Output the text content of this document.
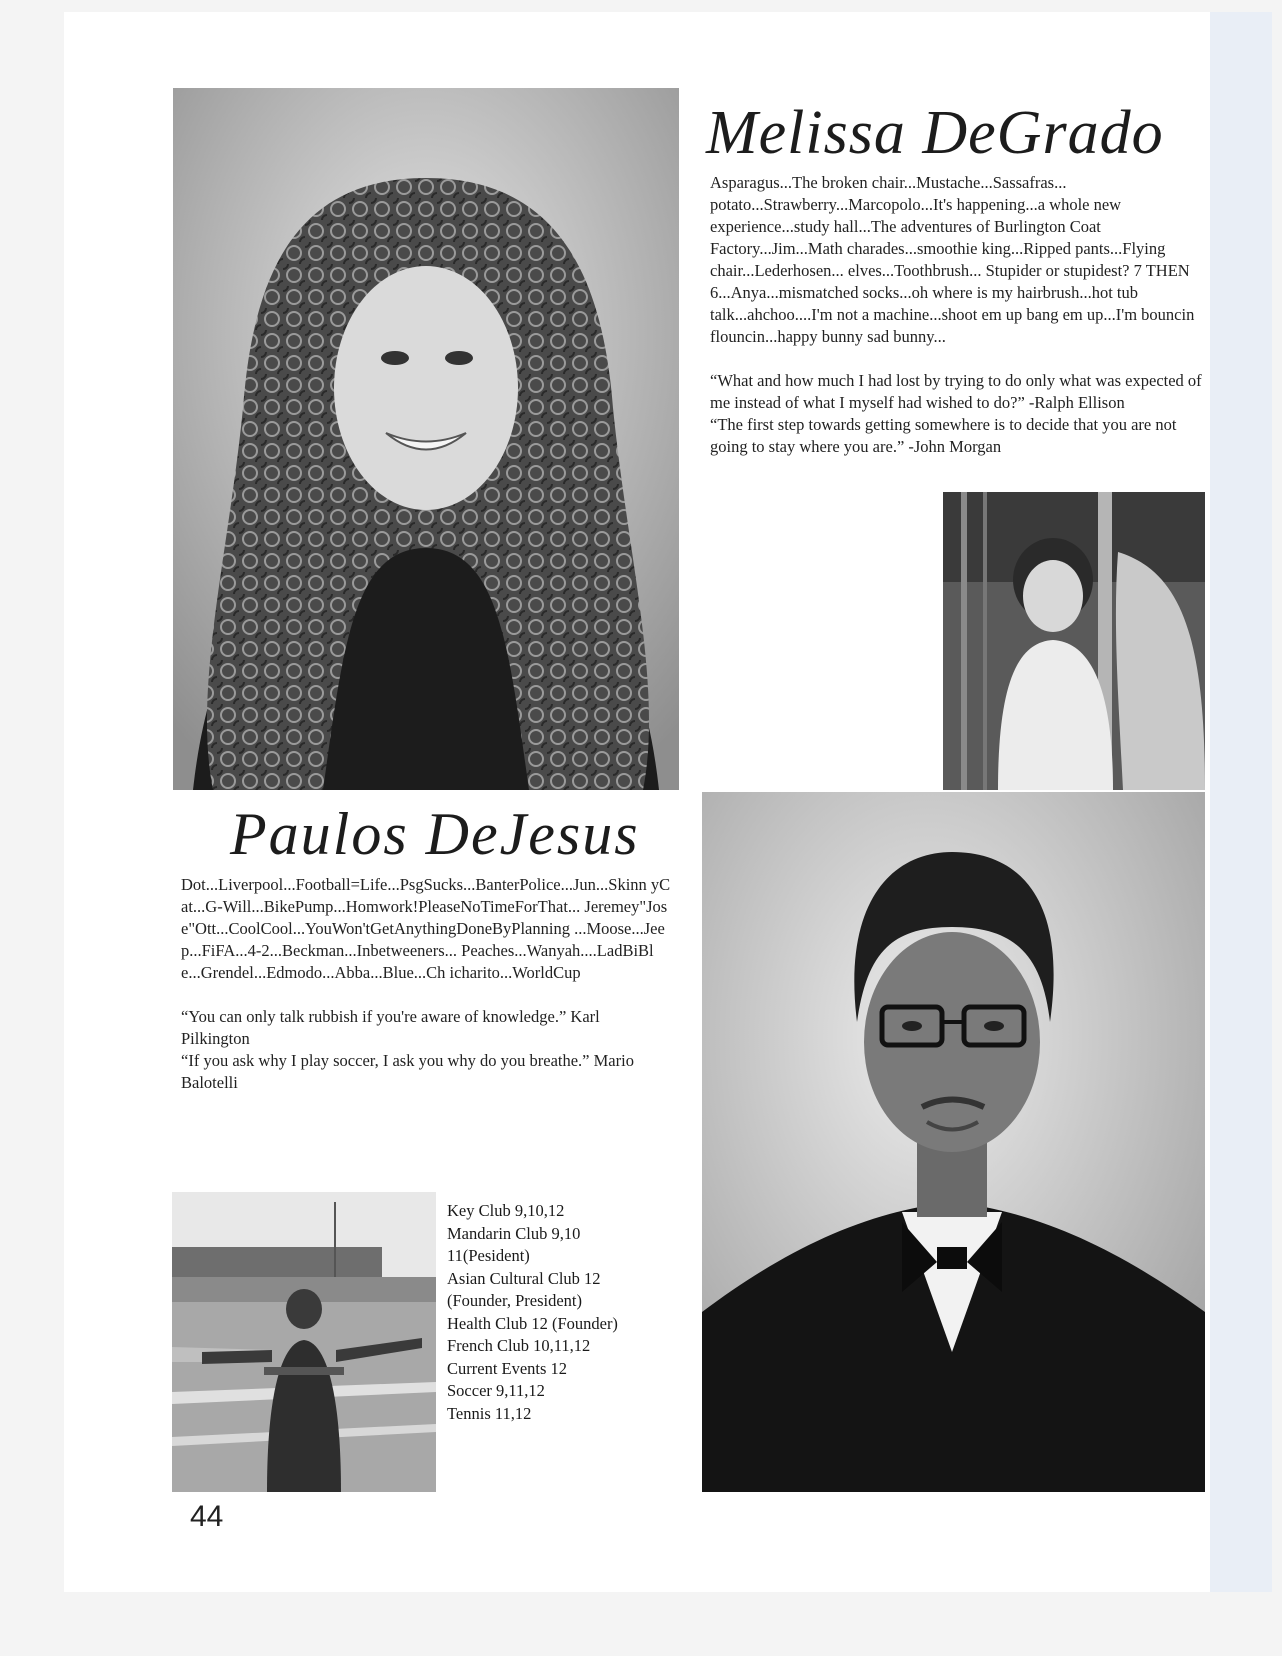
Melissa DeGrado

Asparagus...The broken chair...Mustache...Sassafras... potato...Strawberry...Marcopolo...It's happening...a whole new experience...study hall...The adventures of Burlington Coat Factory...Jim...Math charades...smoothie king...Ripped pants...Flying chair...Lederhosen... elves...Toothbrush... Stupider or stupidest? 7 THEN 6...Anya...mismatched socks...oh where is my hairbrush...hot tub talk...ahchoo....I'm not a machine...shoot em up bang em up...I'm bouncin flouncin...happy bunny sad bunny...

“What and how much I had lost by trying to do only what was expected of me instead of what I myself had wished to do?” -Ralph Ellison

“The first step towards getting somewhere is to decide that you are not going to stay where you are.” -John Morgan

Paulos DeJesus

Dot...Liverpool...Football=Life...PsgSucks...BanterPolice...Jun...Skinn yCat...G-Will...BikePump...Homwork!PleaseNoTimeForThat... Jeremey"Jose"Ott...CoolCool...YouWon'tGetAnythingDoneByPlanning ...Moose...Jeep...FiFA...4-2...Beckman...Inbetweeners... Peaches...Wanyah....LadBiBle...Grendel...Edmodo...Abba...Blue...Ch icharito...WorldCup

“You can only talk rubbish if you're aware of knowledge.” Karl Pilkington

“If you ask why I play soccer, I ask you why do you breathe.” Mario Balotelli

Key Club 9,10,12
Mandarin Club 9,10
11(Pesident)
Asian Cultural Club 12
(Founder, President)
Health Club 12 (Founder)
French Club 10,11,12
Current Events 12
Soccer 9,11,12
Tennis 11,12
44
